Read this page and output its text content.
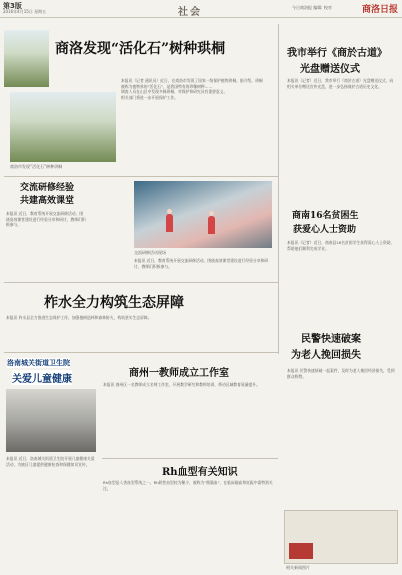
第3版
2016年4月15日 星期五	社会	今日商洛报 编辑: 校对	商洛日报
商洛发现“活化石”树种珙桐
商洛市发现“活化石”树种珙桐
本报讯（记者 通讯员）近日，在商洛市发现了国家一级保护植物珙桐。据介绍，珙桐被称为植物界的“活化石”，是我国特有的珍稀树种……
调查人员在山区中发现多株珙桐，对保护和研究具有重要意义。
相关部门将进一步开展保护工作。
我市举行《商於古道》
光盘赠送仪式
本报讯（记者）近日，我市举行《商於古道》光盘赠送仪式，向相关单位赠送宣传光盘，进一步弘扬商於古道历史文化。
交流研修经验
共建高效课堂
本报讯 近日，教育系统开展交流研修活动，围绕高效课堂建设进行经验分享和研讨，教师们积极参与。
交流研修活动现场
本报讯 近日，教育系统开展交流研修活动，围绕高效课堂建设进行经验分享和研讨，教师们积极参与。
商南16名贫困生
获爱心人士资助
本报讯（记者）近日，商南县16名贫困学生获得爱心人士资助，帮助他们顺利完成学业。
柞水全力构筑生态屏障
本报讯 柞水县全力推进生态保护工作，加强植树造林和森林防火，构筑坚实生态屏障。
洛南城关街道卫生院
关爱儿童健康
本报讯 近日，洛南城关街道卫生院开展儿童健康关爱活动，为辖区儿童提供健康检查和保健知识宣传。
商州一教师成立工作室
本报讯 商州区一名教师成立名师工作室，开展教学研究和教师培训，带动区域教育质量提升。
Rh血型有关知识
Rh血型是人类血型系统之一。Rh阴性血型较为稀少，被称为“熊猫血”，在临床输血和妊娠中需特别关注。
民警快速破案
为老人挽回损失
本报讯 民警快速侦破一起案件，及时为老人挽回经济损失，受到群众称赞。
相关新闻图片
